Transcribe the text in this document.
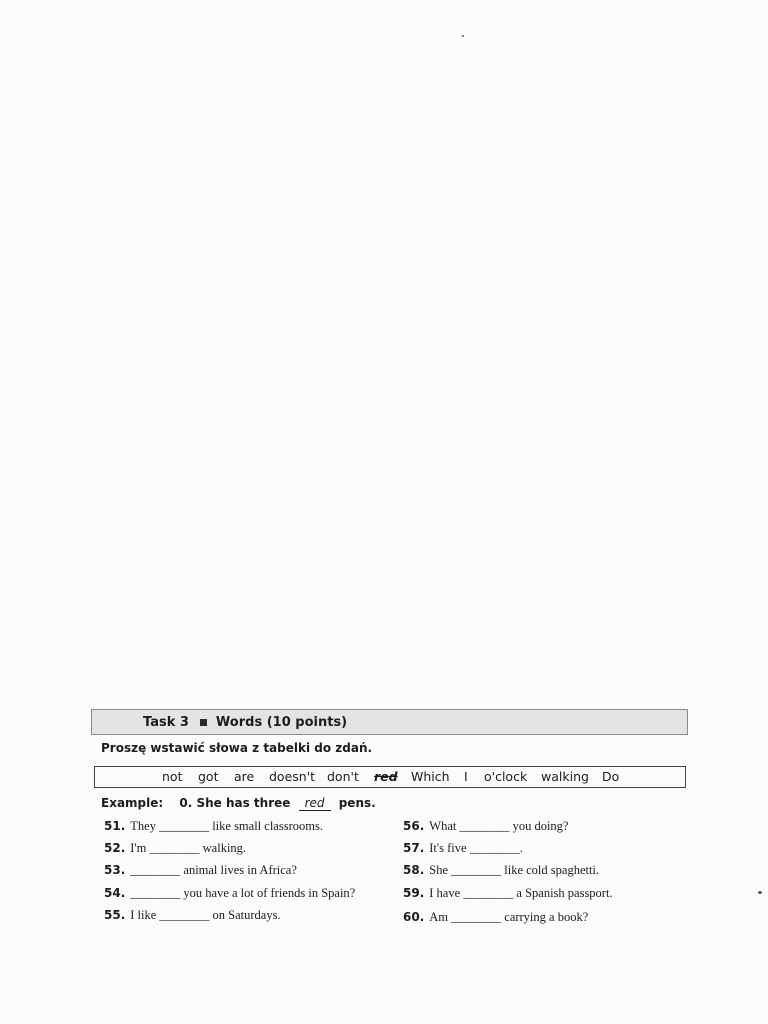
Task 3 Words (10 points)
Proszę wstawić słowa z tabelki do zdań.
not got are doesn't don't red Which I o'clock walking Do
Example: 0. She has three red pens.
51. They ________ like small classrooms.
52. I'm ________ walking.
53. ________ animal lives in Africa?
54. ________ you have a lot of friends in Spain?
55. I like ________ on Saturdays.
56. What ________ you doing?
57. It's five ________.
58. She ________ like cold spaghetti.
59. I have ________ a Spanish passport.
60. Am ________ carrying a book?
